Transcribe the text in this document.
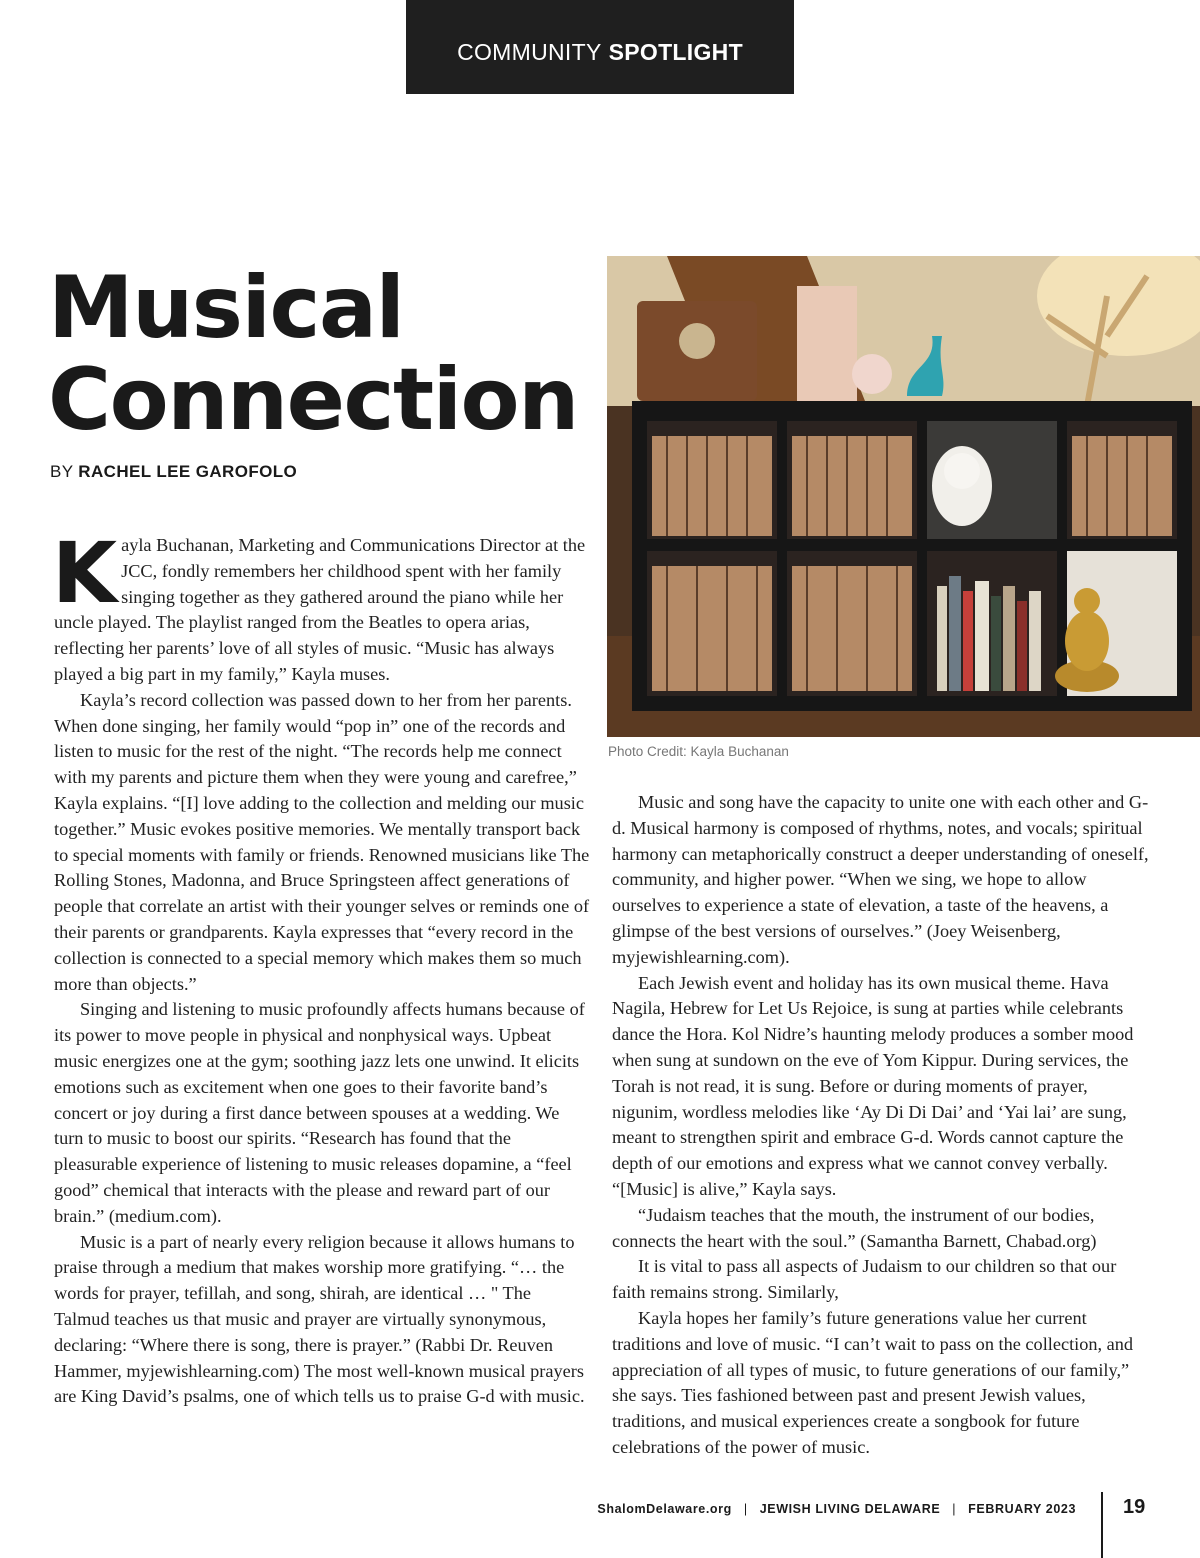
COMMUNITY SPOTLIGHT
Musical
Connection
BY RACHEL LEE GAROFOLO
Photo Credit: Kayla Buchanan

Kayla Buchanan, Marketing and Communications Director at the JCC, fondly remembers her childhood spent with her family singing together as they gathered around the piano while her uncle played. The playlist ranged from the Beatles to opera arias, reflecting her parents’ love of all styles of music. “Music has always played a big part in my family,” Kayla muses.

Kayla’s record collection was passed down to her from her parents. When done singing, her family would “pop in” one of the records and listen to music for the rest of the night. “The records help me connect with my parents and picture them when they were young and carefree,” Kayla explains. “[I] love adding to the collection and melding our music together.” Music evokes positive memories. We mentally transport back to special moments with family or friends. Renowned musicians like The Rolling Stones, Madonna, and Bruce Springsteen affect generations of people that correlate an artist with their younger selves or reminds one of their parents or grandparents. Kayla expresses that “every record in the collection is connected to a special memory which makes them so much more than objects.”

Singing and listening to music profoundly affects humans because of its power to move people in physical and nonphysical ways. Upbeat music energizes one at the gym; soothing jazz lets one unwind. It elicits emotions such as excitement when one goes to their favorite band’s concert or joy during a first dance between spouses at a wedding. We turn to music to boost our spirits. “Research has found that the pleasurable experience of listening to music releases dopamine, a “feel good” chemical that interacts with the please and reward part of our brain.” (medium.com).

Music is a part of nearly every religion because it allows humans to praise through a medium that makes worship more gratifying. “… the words for prayer, tefillah, and song, shirah, are identical … " The Talmud teaches us that music and prayer are virtually synonymous, declaring: “Where there is song, there is prayer.” (Rabbi Dr. Reuven Hammer, myjewishlearning.com) The most well-known musical prayers are King David’s psalms, one of which tells us to praise G-d with music.

Music and song have the capacity to unite one with each other and G-d. Musical harmony is composed of rhythms, notes, and vocals; spiritual harmony can metaphorically construct a deeper understanding of oneself, community, and higher power. “When we sing, we hope to allow ourselves to experience a state of elevation, a taste of the heavens, a glimpse of the best versions of ourselves.” (Joey Weisenberg, myjewishlearning.com).

Each Jewish event and holiday has its own musical theme. Hava Nagila, Hebrew for Let Us Rejoice, is sung at parties while celebrants dance the Hora. Kol Nidre’s haunting melody produces a somber mood when sung at sundown on the eve of Yom Kippur. During services, the Torah is not read, it is sung. Before or during moments of prayer, nigunim, wordless melodies like ‘Ay Di Di Dai’ and ‘Yai lai’ are sung, meant to strengthen spirit and embrace G-d. Words cannot capture the depth of our emotions and express what we cannot convey verbally. “[Music] is alive,” Kayla says.

“Judaism teaches that the mouth, the instrument of our bodies, connects the heart with the soul.” (Samantha Barnett, Chabad.org)

It is vital to pass all aspects of Judaism to our children so that our faith remains strong. Similarly,

Kayla hopes her family’s future generations value her current traditions and love of music. “I can’t wait to pass on the collection, and appreciation of all types of music, to future generations of our family,” she says. Ties fashioned between past and present Jewish values, traditions, and musical experiences create a songbook for future celebrations of the power of music.

ShalomDelaware.org | JEWISH LIVING DELAWARE | FEBRUARY 2023 19
